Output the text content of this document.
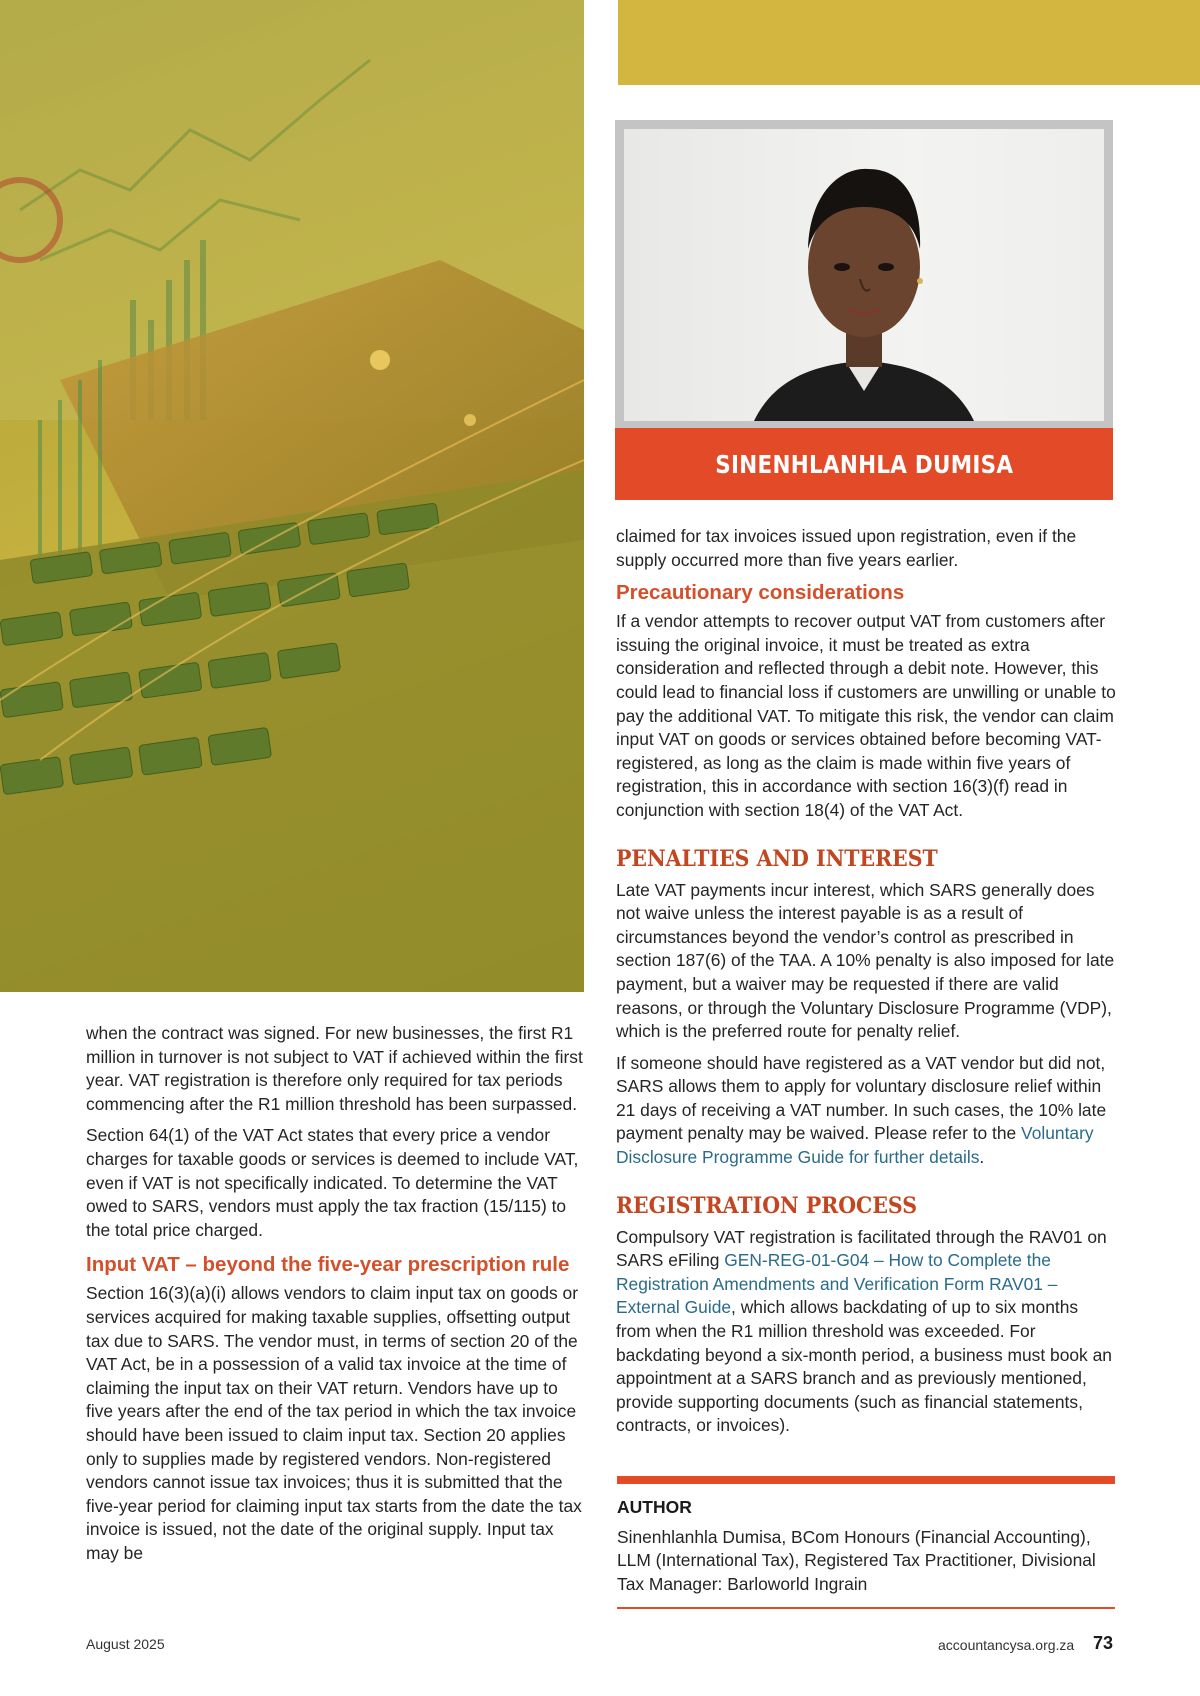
SINENHLANHLA DUMISA

when the contract was signed. For new businesses, the first R1 million in turnover is not subject to VAT if achieved within the first year. VAT registration is therefore only required for tax periods commencing after the R1 million threshold has been surpassed.

Section 64(1) of the VAT Act states that every price a vendor charges for taxable goods or services is deemed to include VAT, even if VAT is not specifically indicated. To determine the VAT owed to SARS, vendors must apply the tax fraction (15/115) to the total price charged.

Input VAT – beyond the five-year prescription rule

Section 16(3)(a)(i) allows vendors to claim input tax on goods or services acquired for making taxable supplies, offsetting output tax due to SARS. The vendor must, in terms of section 20 of the VAT Act, be in a possession of a valid tax invoice at the time of claiming the input tax on their VAT return. Vendors have up to five years after the end of the tax period in which the tax invoice should have been issued to claim input tax. Section 20 applies only to supplies made by registered vendors. Non-registered vendors cannot issue tax invoices; thus it is submitted that the five-year period for claiming input tax starts from the date the tax invoice is issued, not the date of the original supply. Input tax may be

claimed for tax invoices issued upon registration, even if the supply occurred more than five years earlier.

Precautionary considerations

If a vendor attempts to recover output VAT from customers after issuing the original invoice, it must be treated as extra consideration and reflected through a debit note. However, this could lead to financial loss if customers are unwilling or unable to pay the additional VAT. To mitigate this risk, the vendor can claim input VAT on goods or services obtained before becoming VAT-registered, as long as the claim is made within five years of registration, this in accordance with section 16(3)(f) read in conjunction with section 18(4) of the VAT Act.

PENALTIES AND INTEREST

Late VAT payments incur interest, which SARS generally does not waive unless the interest payable is as a result of circumstances beyond the vendor’s control as prescribed in section 187(6) of the TAA. A 10% penalty is also imposed for late payment, but a waiver may be requested if there are valid reasons, or through the Voluntary Disclosure Programme (VDP), which is the preferred route for penalty relief.

If someone should have registered as a VAT vendor but did not, SARS allows them to apply for voluntary disclosure relief within 21 days of receiving a VAT number. In such cases, the 10% late payment penalty may be waived. Please refer to the Voluntary Disclosure Programme Guide for further details.

REGISTRATION PROCESS

Compulsory VAT registration is facilitated through the RAV01 on SARS eFiling GEN-REG-01-G04 – How to Complete the Registration Amendments and Verification Form RAV01 – External Guide, which allows backdating of up to six months from when the R1 million threshold was exceeded. For backdating beyond a six-month period, a business must book an appointment at a SARS branch and as previously mentioned, provide supporting documents (such as financial statements, contracts, or invoices).

AUTHOR
Sinenhlanhla Dumisa, BCom Honours (Financial Accounting), LLM (International Tax), Registered Tax Practitioner, Divisional Tax Manager: Barloworld Ingrain
August 2025	accountancysa.org.za 73
